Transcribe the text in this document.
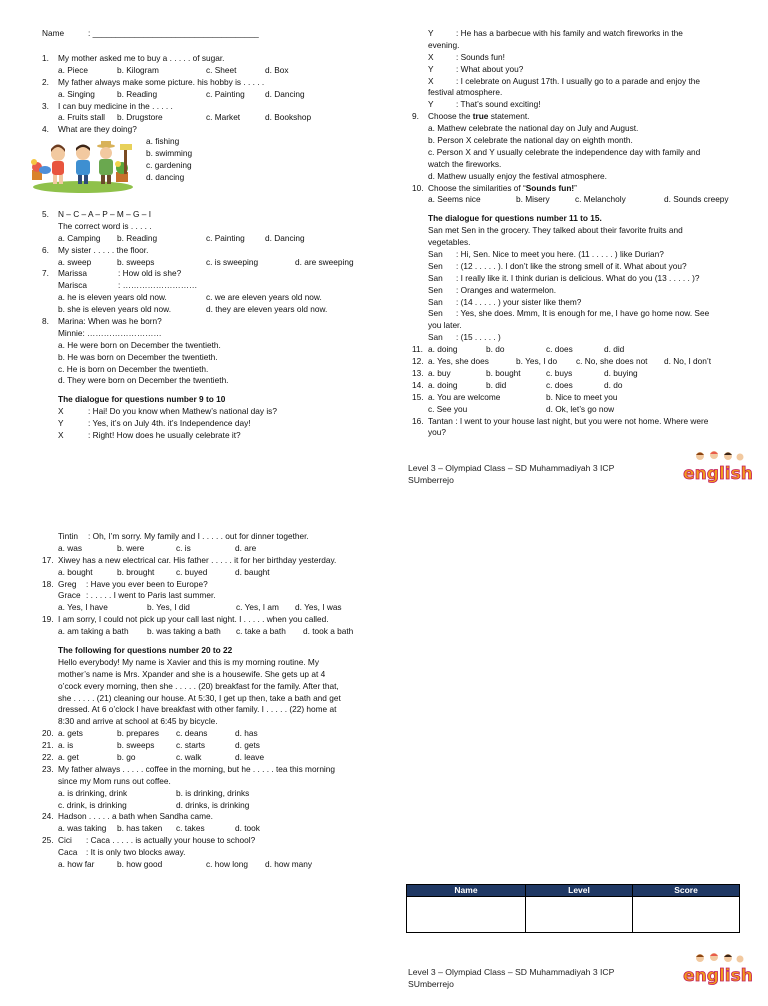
Name	: ____________________________________
1. My mother asked me to buy a . . . . . of sugar.
a. Piece	b. Kilogram	c. Sheet	d. Box
2. My father always make some picture. his hobby is . . . . .
a. Singing	b. Reading	c. Painting d. Dancing
3. I can buy medicine in the . . . . .
a. Fruits stall b. Drugstore	c. Market	d. Bookshop
4. What are they doing?
a. fishing
b. swimming
c. gardening
d. dancing
5. N – C – A – P – M – G – I
The correct word is . . . . .
a. Camping b. Reading	c. Painting d. Dancing
6. My sister . . . . . the floor.
a. sweep	b. sweeps	c. is sweeping	d. are sweeping
7. Marissa	: How old is she?
Marisca	: ………………………
a. he is eleven years old now.	c. we are eleven years old now.
b. she is eleven years old now.	d. they are eleven years old now.
8. Marina: When was he born?
Minnie: ………………………
a. He were born on December the twentieth.
b. He was born on December the twentieth.
c. He is born on December the twentieth.
d. They were born on December the twentieth.
The dialogue for questions number 9 to 10
X	: Hai! Do you know when Mathew’s national day is?
Y	: Yes, it’s on July 4th. it’s Independence day!
X	: Right! How does he usually celebrate it?
Y	: He has a barbecue with his family and watch fireworks in the
evening.
X	: Sounds fun!
Y	: What about you?
X	: I celebrate on August 17th. I usually go to a parade and enjoy the
festival atmosphere.
Y	: That’s sound exciting!
9. Choose the true statement.
a. Mathew celebrate the national day on July and August.
b. Person X celebrate the national day on eighth month.
c. Person X and Y usually celebrate the independence day with family and
watch the fireworks.
d. Mathew usually enjoy the festival atmosphere.
10. Choose the similarities of “Sounds fun!”
a. Seems nice	b. Misery	c. Melancholy	d. Sounds creepy
The dialogue for questions number 11 to 15.
San met Sen in the grocery. They talked about their favorite fruits and
vegetables.
San : Hi, Sen. Nice to meet you here. (11 . . . . . ) like Durian?
Sen : (12 . . . . . ). I don’t like the strong smell of it. What about you?
San : I really like it. I think durian is delicious. What do you (13 . . . . . )?
Sen : Oranges and watermelon.
San : (14 . . . . . ) your sister like them?
Sen : Yes, she does. Mmm, It is enough for me, I have go home now. See
you later.
San : (15 . . . . . )
11. a. doing	b. do	c. does	d. did
12. a. Yes, she does	b. Yes, I do c. No, she does not d. No, I don’t
13. a. buy	b. bought	c. buys	d. buying
14. a. doing	b. did	c. does	d. do
15. a. You are welcome	b. Nice to meet you
c. See you	d. Ok, let’s go now
16. Tantan : I went to your house last night, but you were not home. Where were
you?
Level 3 – Olympiad Class – SD Muhammadiyah 3 ICP
SUmberrejo	english
Tintin : Oh, I’m sorry. My family and I . . . . . out for dinner together.
a. was	b. were	c. is	d. are
17. Xiwey has a new electrical car. His father . . . . . it for her birthday yesterday.
a. bought	b. brought	c. buyed	d. baught
18. Greg : Have you ever been to Europe?
Grace : . . . . . I went to Paris last summer.
a. Yes, I have	b. Yes, I did	c. Yes, I am d. Yes, I was
19. I am sorry, I could not pick up your call last night. I . . . . . when you called.
a. am taking a bath b. was taking a bath c. take a bath d. took a bath
The following for questions number 20 to 22
Hello everybody! My name is Xavier and this is my morning routine. My
mother’s name is Mrs. Xpander and she is a housewife. She gets up at 4
o’cock every morning, then she . . . . . (20) breakfast for the family. After that,
she . . . . . (21) cleaning our house. At 5:30, I get up then, take a bath and get
dressed. At 6 o’clock I have breakfast with other family. I . . . . . (22) home at
8:30 and arrive at school at 6:45 by bicycle.
20. a. gets	b. prepares c. deans	d. has
21. a. is	b. sweeps	c. starts	d. gets
22. a. get	b. go	c. walk	d. leave
23. My father always . . . . . coffee in the morning, but he . . . . . tea this morning
since my Mom runs out coffee.
a. is drinking, drink	b. is drinking, drinks
c. drink, is drinking	d. drinks, is drinking
24. Hadson . . . . . a bath when Sandha came.
a. was taking b. has taken c. takes	d. took
25. Cici : Caca . . . . . is actually your house to school?
Caca : It is only two blocks away.
a. how far	b. how good	c. how long d. how many
Name	Level	Score

Level 3 – Olympiad Class – SD Muhammadiyah 3 ICP
SUmberrejo	english
